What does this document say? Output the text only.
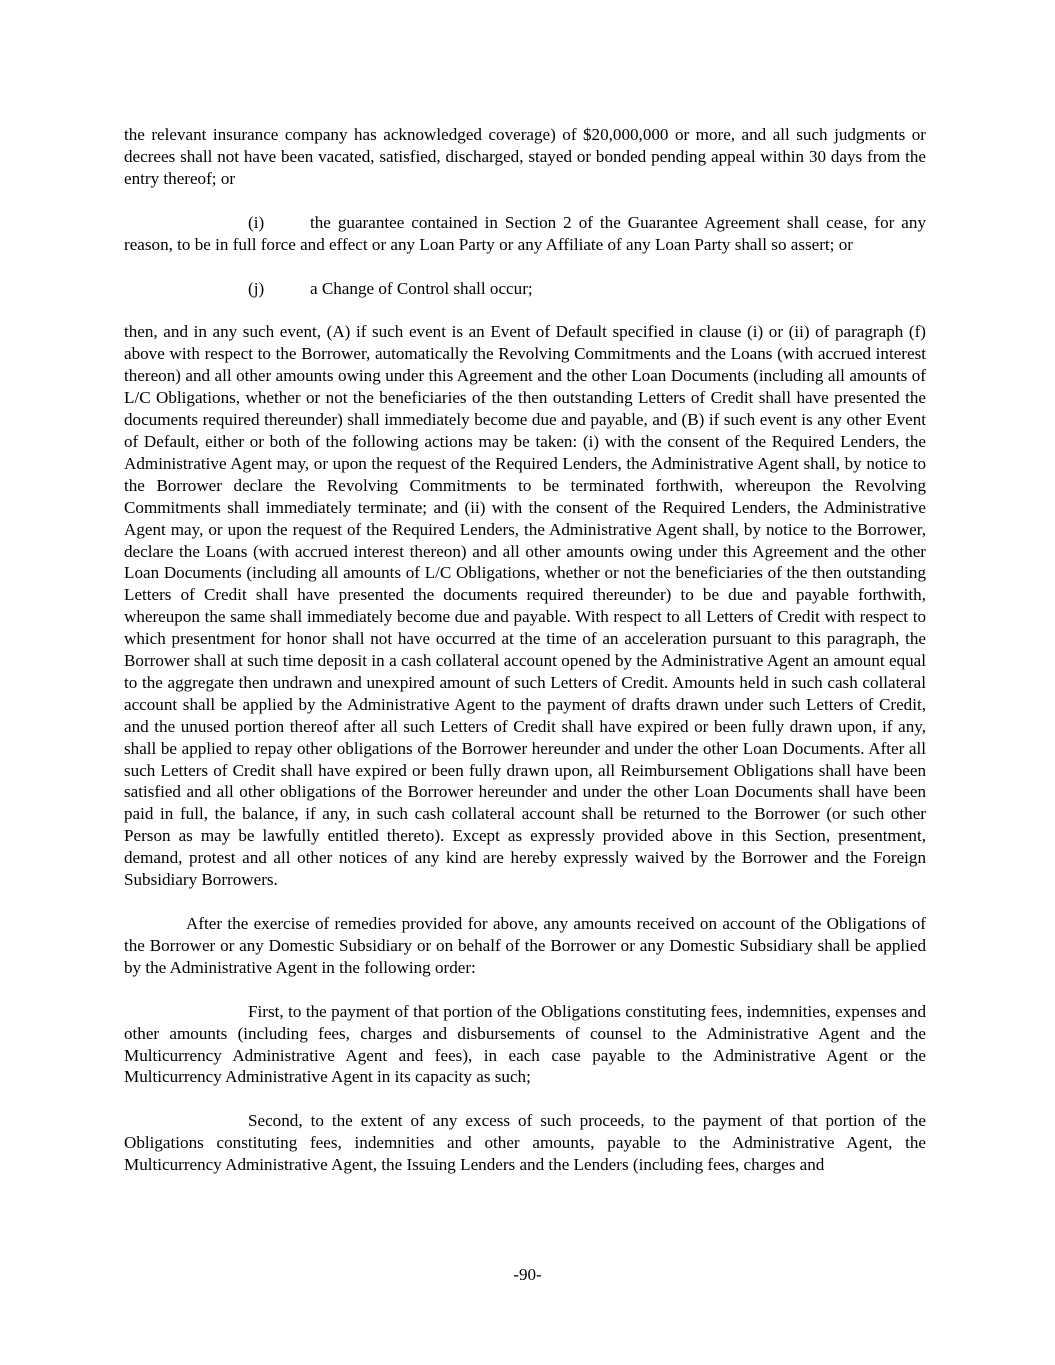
the relevant insurance company has acknowledged coverage) of $20,000,000 or more, and all such judgments or decrees shall not have been vacated, satisfied, discharged, stayed or bonded pending appeal within 30 days from the entry thereof; or

(i)	the guarantee contained in Section 2 of the Guarantee Agreement shall cease, for any reason, to be in full force and effect or any Loan Party or any Affiliate of any Loan Party shall so assert; or

(j)	a Change of Control shall occur;

then, and in any such event, (A) if such event is an Event of Default specified in clause (i) or (ii) of paragraph (f) above with respect to the Borrower, automatically the Revolving Commitments and the Loans (with accrued interest thereon) and all other amounts owing under this Agreement and the other Loan Documents (including all amounts of L/C Obligations, whether or not the beneficiaries of the then outstanding Letters of Credit shall have presented the documents required thereunder) shall immediately become due and payable, and (B) if such event is any other Event of Default, either or both of the following actions may be taken: (i) with the consent of the Required Lenders, the Administrative Agent may, or upon the request of the Required Lenders, the Administrative Agent shall, by notice to the Borrower declare the Revolving Commitments to be terminated forthwith, whereupon the Revolving Commitments shall immediately terminate; and (ii) with the consent of the Required Lenders, the Administrative Agent may, or upon the request of the Required Lenders, the Administrative Agent shall, by notice to the Borrower, declare the Loans (with accrued interest thereon) and all other amounts owing under this Agreement and the other Loan Documents (including all amounts of L/C Obligations, whether or not the beneficiaries of the then outstanding Letters of Credit shall have presented the documents required thereunder) to be due and payable forthwith, whereupon the same shall immediately become due and payable. With respect to all Letters of Credit with respect to which presentment for honor shall not have occurred at the time of an acceleration pursuant to this paragraph, the Borrower shall at such time deposit in a cash collateral account opened by the Administrative Agent an amount equal to the aggregate then undrawn and unexpired amount of such Letters of Credit. Amounts held in such cash collateral account shall be applied by the Administrative Agent to the payment of drafts drawn under such Letters of Credit, and the unused portion thereof after all such Letters of Credit shall have expired or been fully drawn upon, if any, shall be applied to repay other obligations of the Borrower hereunder and under the other Loan Documents. After all such Letters of Credit shall have expired or been fully drawn upon, all Reimbursement Obligations shall have been satisfied and all other obligations of the Borrower hereunder and under the other Loan Documents shall have been paid in full, the balance, if any, in such cash collateral account shall be returned to the Borrower (or such other Person as may be lawfully entitled thereto). Except as expressly provided above in this Section, presentment, demand, protest and all other notices of any kind are hereby expressly waived by the Borrower and the Foreign Subsidiary Borrowers.

After the exercise of remedies provided for above, any amounts received on account of the Obligations of the Borrower or any Domestic Subsidiary or on behalf of the Borrower or any Domestic Subsidiary shall be applied by the Administrative Agent in the following order:

First, to the payment of that portion of the Obligations constituting fees, indemnities, expenses and other amounts (including fees, charges and disbursements of counsel to the Administrative Agent and the Multicurrency Administrative Agent and fees), in each case payable to the Administrative Agent or the Multicurrency Administrative Agent in its capacity as such;

Second, to the extent of any excess of such proceeds, to the payment of that portion of the Obligations constituting fees, indemnities and other amounts, payable to the Administrative Agent, the Multicurrency Administrative Agent, the Issuing Lenders and the Lenders (including fees, charges and

-90-
